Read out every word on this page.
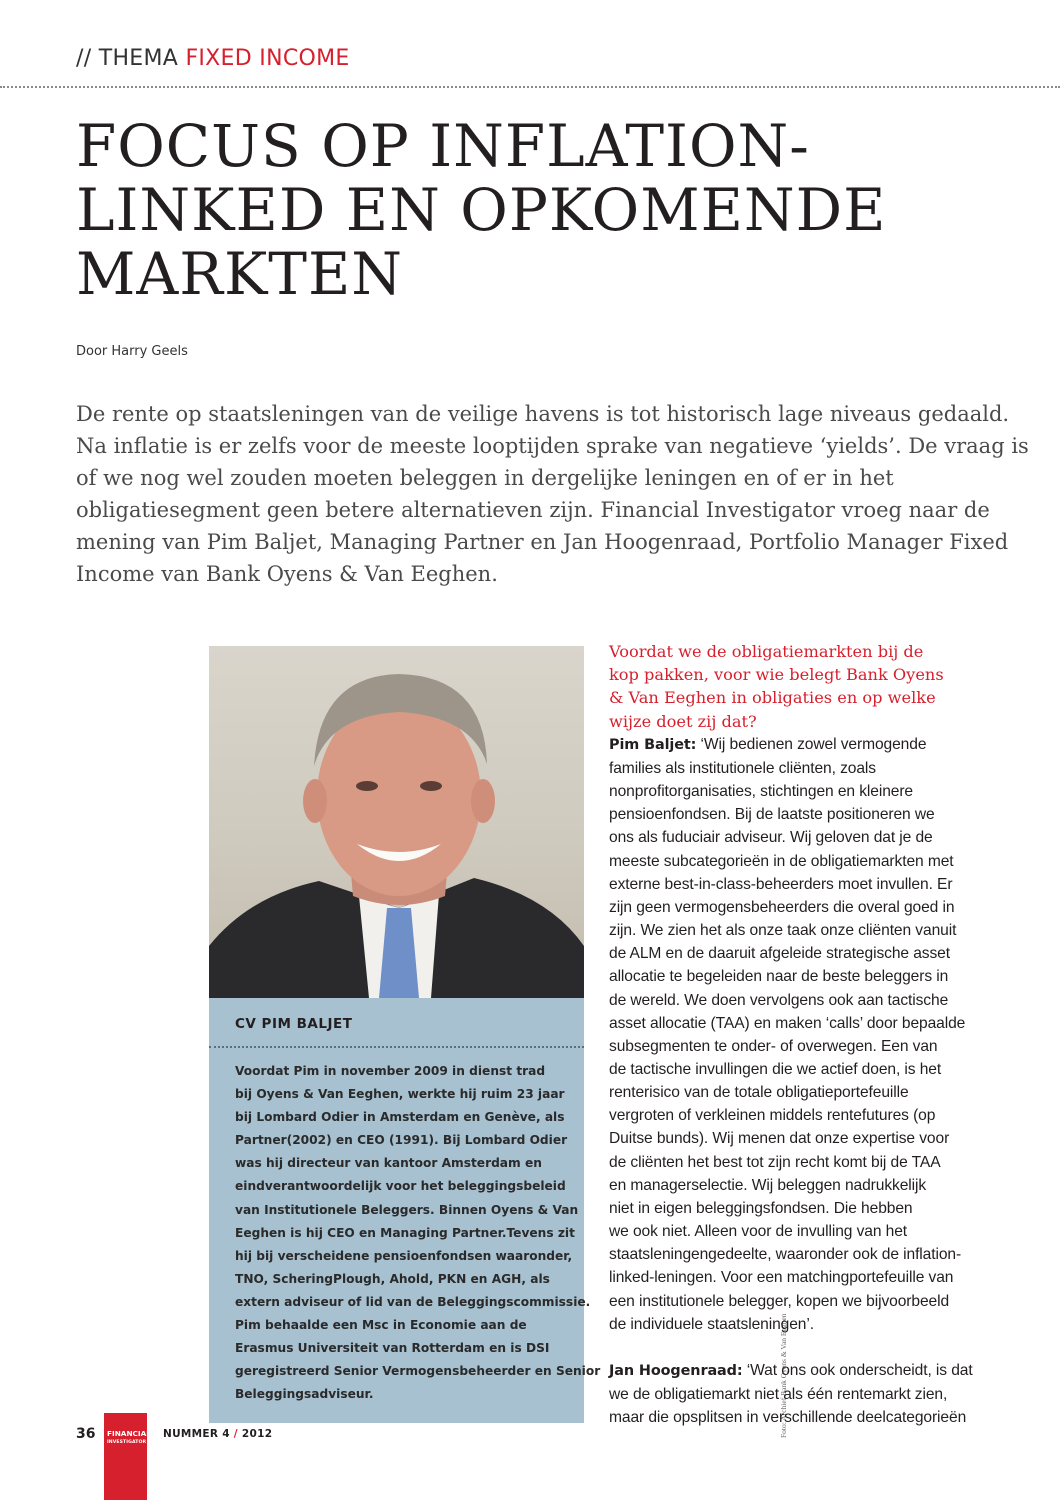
// THEMA FIXED INCOME
FOCUS OP INFLATION-
LINKED EN OPKOMENDE
MARKTEN
Door Harry Geels

De rente op staatsleningen van de veilige havens is tot historisch lage niveaus gedaald. Na inflatie is er zelfs voor de meeste looptijden sprake van negatieve ‘yields’. De vraag is of we nog wel zouden moeten beleggen in dergelijke leningen en of er in het obligatiesegment geen betere alternatieven zijn. Financial Investigator vroeg naar de mening van Pim Baljet, Managing Partner en Jan Hoogenraad, Portfolio Manager Fixed Income van Bank Oyens & Van Eeghen.

Foto: Archief Bank Oyens & Van Eeghen
CV PIM BALJET

Voordat Pim in november 2009 in dienst trad
bij Oyens & Van Eeghen, werkte hij ruim 23 jaar
bij Lombard Odier in Amsterdam en Genève, als
Partner(2002) en CEO (1991). Bij Lombard Odier
was hij directeur van kantoor Amsterdam en
eindverantwoordelijk voor het beleggingsbeleid
van Institutionele Beleggers. Binnen Oyens & Van
Eeghen is hij CEO en Managing Partner.Tevens zit
hij bij verscheidene pensioenfondsen waaronder,
TNO, ScheringPlough, Ahold, PKN en AGH, als
extern adviseur of lid van de Beleggingscommissie.
Pim behaalde een Msc in Economie aan de
Erasmus Universiteit van Rotterdam en is DSI
geregistreerd Senior Vermogensbeheerder en Senior
Beleggingsadviseur.

Voordat we de obligatiemarkten bij de
kop pakken, voor wie belegt Bank Oyens
& Van Eeghen in obligaties en op welke
wijze doet zij dat?

Pim Baljet: ‘Wij bedienen zowel vermogende
families als institutionele cliënten, zoals
nonprofitorganisaties, stichtingen en kleinere
pensioenfondsen. Bij de laatste positioneren we
ons als fuduciair adviseur. Wij geloven dat je de
meeste subcategorieën in de obligatiemarkten met
externe best-in-class-beheerders moet invullen. Er
zijn geen vermogensbeheerders die overal goed in
zijn. We zien het als onze taak onze cliënten vanuit
de ALM en de daaruit afgeleide strategische asset
allocatie te begeleiden naar de beste beleggers in
de wereld. We doen vervolgens ook aan tactische
asset allocatie (TAA) en maken ‘calls’ door bepaalde
subsegmenten te onder- of overwegen. Een van
de tactische invullingen die we actief doen, is het
renterisico van de totale obligatieportefeuille
vergroten of verkleinen middels rentefutures (op
Duitse bunds). Wij menen dat onze expertise voor
de cliënten het best tot zijn recht komt bij de TAA
en managerselectie. Wij beleggen nadrukkelijk
niet in eigen beleggingsfondsen. Die hebben
we ook niet. Alleen voor de invulling van het
staatsleningengedeelte, waaronder ook de inflation-
linked-leningen. Voor een matchingportefeuille van
een institutionele belegger, kopen we bijvoorbeeld
de individuele staatsleningen’.

Jan Hoogenraad: ‘Wat ons ook onderscheidt, is dat
we de obligatiemarkt niet als één rentemarkt zien,
maar die opsplitsen in verschillende deelcategorieën

36 FINANCIAL
INVESTIGATOR
NUMMER 4 / 2012
